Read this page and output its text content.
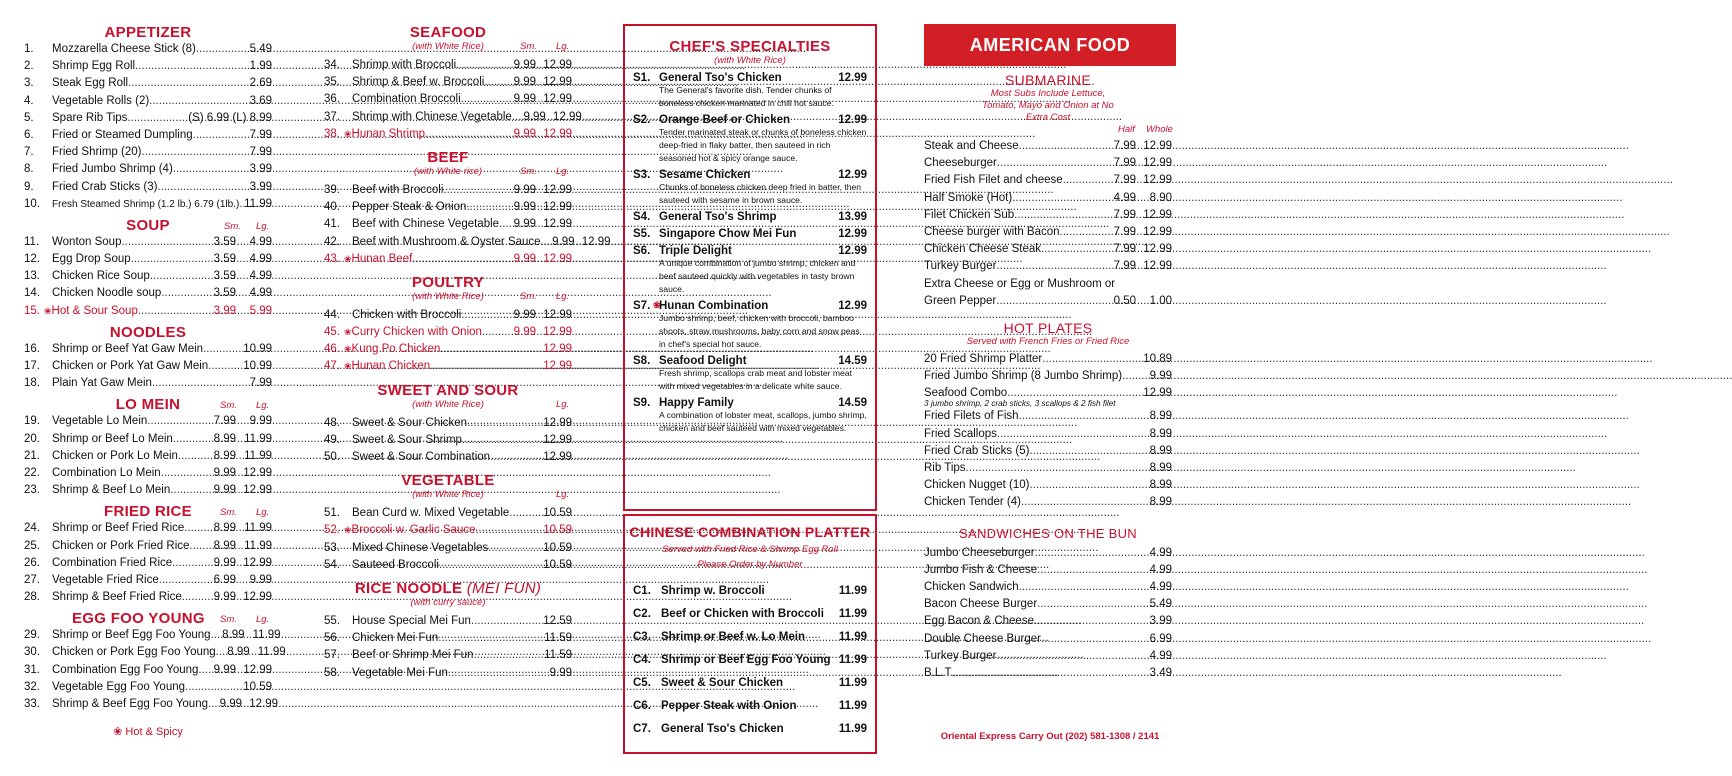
APPETIZER
1.	Mozzarella Cheese Stick (8) .....	5.49
2.	Shrimp Egg Roll .....	1.99
3.	Steak Egg Roll .....	2.69
4.	Vegetable Rolls (2) .....	3.69
5.	Spare Rib Tips .....	(S) 6.99 (L) 8.99
6.	Fried or Steamed Dumpling .....	7.99
7.	Fried Shrimp (20) .....	7.99
8.	Fried Jumbo Shrimp (4) .....	3.99
9.	Fried Crab Sticks (3) .....	3.99
10.	Fresh Steamed Shrimp (1.2 lb.) 6.79 (1lb.) ..... 11.99
SOUP	Sm. Lg.
11.	Wonton Soup .....	3.59	4.99
12.	Egg Drop Soup .....	3.59	4.99
13.	Chicken Rice Soup .....	3.59	4.99
14.	Chicken Noodle soup .....	3.59	4.99
15. ❀ Hot & Sour Soup .....	3.99	5.99
NOODLES
16.	Shrimp or Beef Yat Gaw Mein .....	10.99
17.	Chicken or Pork Yat Gaw Mein .....	10.99
18.	Plain Yat Gaw Mein .....	7.99
LO MEIN	Sm. Lg.
19.	Vegetable Lo Mein .....	7.99	9.99
20.	Shrimp or Beef Lo Mein .....	8.99 11.99
21.	Chicken or Pork Lo Mein .....	8.99 11.99
22.	Combination Lo Mein .....	9.99 12.99
23.	Shrimp & Beef Lo Mein .....	9.99 12.99
FRIED RICE	Sm. Lg.
24.	Shrimp or Beef Fried Rice .....	8.99 11.99
25.	Chicken or Pork Fried Rice .....	8.99 11.99
26.	Combination Fried Rice .....	9.99 12.99
27.	Vegetable Fried Rice .....	6.99	9.99
28.	Shrimp & Beef Fried Rice .....	9.99 12.99
EGG FOO YOUNG	Sm. Lg.
29.	Shrimp or Beef Egg Foo Young .....	8.99 11.99
30.	Chicken or Pork Egg Foo Young .....	8.99 11.99
31.	Combination Egg Foo Young .....	9.99 12.99
32.	Vegetable Egg Foo Young .....	10.59
33.	Shrimp & Beef Egg Foo Young .....	9.99 12.99
❀ Hot & Spicy
SEAFOOD
(with White Rice)	Sm. Lg.
34.	Shrimp with Broccoli .....	9.99 12.99
35.	Shrimp & Beef w. Broccoli .....	9.99 12.99
36.	Combination Broccoli .....	9.99 12.99
37.	Shrimp with Chinese Vegetable .....	9.99 12.99
38. ❀ Hunan Shrimp .....	9.99 12.99
BEEF
(with White rice)	Sm. Lg.
39.	Beef with Broccoli .....	9.99 12.99
40.	Pepper Steak & Onion .....	9.99 12.99
41.	Beef with Chinese Vegetable .....	9.99 12.99
42.	Beef with Mushroom & Oyster Sauce .....	9.99 12.99
43. ❀ Hunan Beef .....	9.99 12.99
POULTRY
(with White Rice)	Sm. Lg.
44.	Chicken with Broccoli .....	9.99 12.99
45. ❀ Curry Chicken with Onion .....	9.99 12.99
46. ❀ Kung Po Chicken .....	12.99
47. ❀ Hunan Chicken .....	12.99
SWEET AND SOUR
(with White Rice)	Lg.
48.	Sweet & Sour Chicken .....	12.99
49.	Sweet & Sour Shrimp .....	12.99
50.	Sweet & Sour Combination .....	12.99
VEGETABLE
(with White Rice)	Lg.
51.	Bean Curd w. Mixed Vegetable .....	10.59
52. ❀ Broccoli w. Garlic Sauce .....	10.59
53.	Mixed Chinese Vegetables .....	10.59
54.	Sauteed Broccoli .....	10.59
RICE NOODLE (MEI FUN)
(with curry sauce)
55.	House Special Mei Fun .....	12.59
56.	Chicken Mei Fun .....	11.59
57.	Beef or Shrimp Mei Fun .....	11.59
58.	Vegetable Mei Fun .....	9.99
CHEF'S SPECIALTIES
(with White Rice)
S1. General Tso's Chicken	12.99
The General's favorite dish. Tender chunks of boneless chicken marinated in chili hot sauce.
S2. Orange Beef or Chicken	12.99
Tender marinated steak or chunks of boneless chicken deep-fried in flaky batter, then sauteed in rich seasoned hot & spicy orange sauce.
S3. Sesame Chicken	12.99
Chunks of boneless chicken deep fried in batter, then sauteed with sesame in brown sauce.
S4. General Tso's Shrimp	13.99
S5. Singapore Chow Mei Fun	12.99
S6. Triple Delight	12.99
A unique combination of jumbo shrimp, chicken and beef sauteed quickly with vegetables in tasty brown sauce.
S7. ❀
Hunan Combination	12.99
Jumbo shrimp, beef, chicken with broccoli, bamboo shoots, straw mushrooms, baby corn and snow peas in chef's special hot sauce.
S8. Seafood Delight	14.59
Fresh shrimp, scallops crab meat and lobster meat with mixed vegetables in a delicate white sauce.
S9. Happy Family	14.59
A combination of lobster meat, scallops, jumbo shrimp, chicken and beef sauteed with mixed vegetables.
CHINESE COMBINATION PLATTER
Served with Fried Rice & Shrimp Egg Roll
Please Order by Number
C1. Shrimp w. Broccoli	11.99
C2. Beef or Chicken with Broccoli 11.99
C3. Shrimp or Beef w. Lo Mein	11.99
C4. Shrimp or Beef Egg Foo Young 11.99
C5. Sweet & Sour Chicken	11.99
C6. Pepper Steak with Onion	11.99
C7. General Tso's Chicken	11.99
AMERICAN FOOD
SUBMARINE
Most Subs Include Lettuce, Tomato, Mayo and Onion at No Extra Cost
Half Whole
Steak and Cheese .....	7.99 12.99
Cheeseburger .....	7.99 12.99
Fried Fish Filet and cheese .....	7.99 12.99
Half Smoke (Hot) .....	4.99	8.90
Filet Chicken Sub .....	7.99 12.99
Cheese burger with Bacon .....	7.99 12.99
Chicken Cheese Steak .....	7.99 12.99
Turkey Burger .....	7.99 12.99
Extra Cheese or Egg or Mushroom or
Green Pepper .....	0.50	1.00
HOT PLATES
Served with French Fries or Fried Rice
20 Fried Shrimp Platter .....	10.89
Fried Jumbo Shrimp (8 Jumbo Shrimp) ..... 9.99
Seafood Combo .....	12.99
3 jumbo shrimp, 2 crab sticks, 3 scallops & 2 fish filet
Fried Filets of Fish .....	8.99
Fried Scallops .....	8.99
Fried Crab Sticks (5) .....	8.99
Rib Tips .....	8.99
Chicken Nugget (10) .....	8.99
Chicken Tender (4) .....	8.99
SANDWICHES ON THE BUN
Jumbo Cheeseburger .....	4.99
Jumbo Fish & Cheese .....	4.99
Chicken Sandwich .....	4.99
Bacon Cheese Burger .....	5.49
Egg Bacon & Cheese .....	3.99
Double Cheese Burger .....	6.99
Turkey Burger .....	4.99
B.L.T .....	3.49
Oriental Express Carry Out (202) 581-1308 / 2141
